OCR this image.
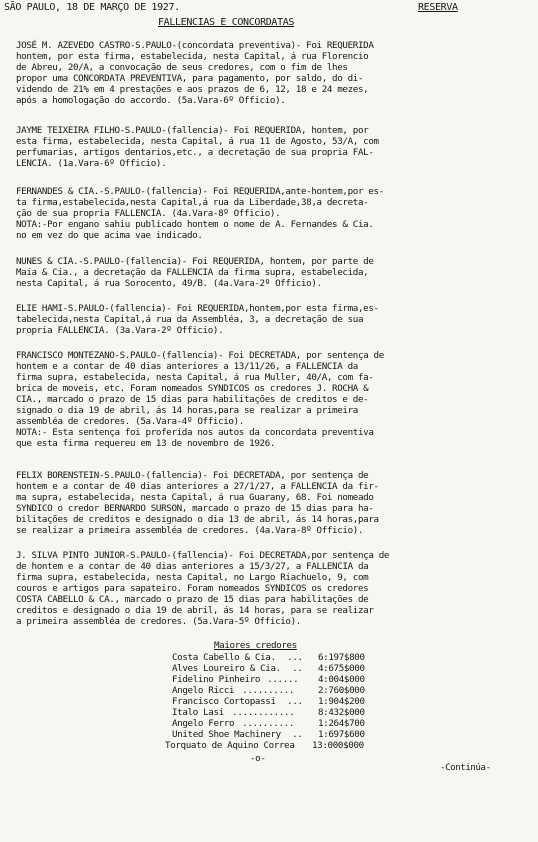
SÃO PAULO, 18 DE MARÇO DE 1927.	RESERVA
FALLENCIAS E CONCORDATAS
JOSÉ M. AZEVEDO CASTRO-S.PAULO-(concordata preventiva)- Foi REQUERIDA
hontem, por esta firma, estabelecida, nesta Capital, á rua Florencio
de Abreu, 20/A, a convocação de seus credores, com o fim de lhes
propor uma CONCORDATA PREVENTIVA, para pagamento, por saldo, do di-
videndo de 21% em 4 prestações e aos prazos de 6, 12, 18 e 24 mezes,
após a homologação do accordo. (5a.Vara-6º Officio).
JAYME TEIXEIRA FILHO-S.PAULO-(fallencia)- Foi REQUERIDA, hontem, por
esta firma, estabelecida, nesta Capital, á rua 11 de Agosto, 53/A, com
perfumarias, artigos dentarios,etc., a decretação de sua propria FAL-
LENCIA. (1a.Vara-6º Officio).
FERNANDES & CIA.-S.PAULO-(fallencia)- Foi REQUERIDA,ante-hontem,por es-
ta firma,estabelecida,nesta Capital,á rua da Liberdade,38,a decreta-
ção de sua propria FALLENCIA. (4a.Vara-8º Officio).
NOTA:-Por engano sahiu publicado hontem o nome de A. Fernandes & Cia.
no em vez do que acima vae indicado.
NUNES & CIA.-S.PAULO-(fallencia)- Foi REQUERIDA, hontem, por parte de
Maia & Cia., a decretação da FALLENCIA da firma supra, estabelecida,
nesta Capital, á rua Sorocento, 49/B. (4a.Vara-2º Officio).
ELIE HAMI-S.PAULO-(fallencia)- Foi REQUERIDA,hontem,por esta firma,es-
tabelecida,nesta Capital,á rua da Assembléa, 3, a decretação de sua
propria FALLENCIA. (3a.Vara-2º Officio).
FRANCISCO MONTEZANO-S.PAULO-(fallencia)- Foi DECRETADA, por sentença de
hontem e a contar de 40 dias anteriores a 13/11/26, a FALLENCIA da
firma supra, estabelecida, nesta Capital, á rua Muller, 40/A, com fa-
brica de moveis, etc. Foram nomeados SYNDICOS os credores J. ROCHA &
CIA., marcado o prazo de 15 dias para habilitações de creditos e de-
signado o dia 19 de abril, ás 14 horas,para se realizar a primeira
assembléa de credores. (5a.Vara-4º Officio).
NOTA:- Esta sentença foi proferida nos autos da concordata preventiva
que esta firma requereu em 13 de novembro de 1926.
FELIX BORENSTEIN-S.PAULO-(fallencia)- Foi DECRETADA, por sentença de
hontem e a contar de 40 dias anteriores a 27/1/27, a FALLENCIA da fir-
ma supra, estabelecida, nesta Capital, á rua Guarany, 68. Foi nomeado
SYNDICO o credor BERNARDO SURSON, marcado o prazo de 15 dias para ha-
bilitações de creditos e designado o dia 13 de abril, ás 14 horas,para
se realizar a primeira assembléa de credores. (4a.Vara-8º Officio).
J. SILVA PINTO JUNIOR-S.PAULO-(fallencia)- Foi DECRETADA,por sentença de
de hontem e a contar de 40 dias anteriores a 15/3/27, a FALLENCIA da
firma supra, estabelecida, nesta Capital, no Largo Riachuelo, 9, com
couros e artigos para sapateiro. Foram nomeados SYNDICOS os credores
COSTA CABELLO & CA., marcado o prazo de 15 dias para habilitações de
creditos e designado o dia 19 de abril, ás 14 horas, para se realizar
a primeira assembléa de credores. (5a.Vara-5º Officio).
Maiores credores
Costa Cabello & Cia. ... 6:197$800
Alves Loureiro & Cia. .. 4:675$000
Fidelino Pinheiro ...... 4:004$000
Angelo Ricci ..........	2:760$000
Francisco Cortopassi ... 1:904$200
Italo Lasi ............	8:432$000
Angelo Ferro ..........	1:264$700
United Shoe Machinery .. 1:697$600
Torquato de Aquino Correa 13:000$000
-o-
-Continúa-
